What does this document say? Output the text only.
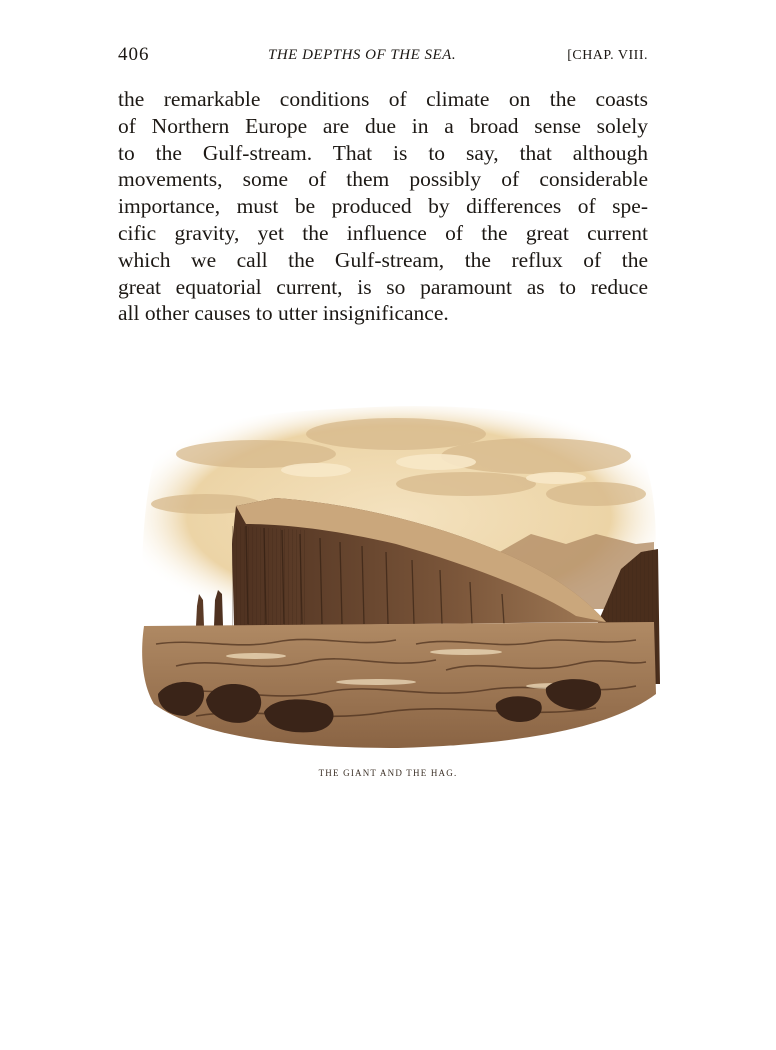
406	THE DEPTHS OF THE SEA.	[CHAP. VIII.
the remarkable conditions of climate on the coasts
of Northern Europe are due in a broad sense solely
to the Gulf-stream. That is to say, that although
movements, some of them possibly of considerable
importance, must be produced by differences of spe-
cific gravity, yet the influence of the great current
which we call the Gulf-stream, the reflux of the
great equatorial current, is so paramount as to reduce
all other causes to utter insignificance.
THE GIANT AND THE HAG.
